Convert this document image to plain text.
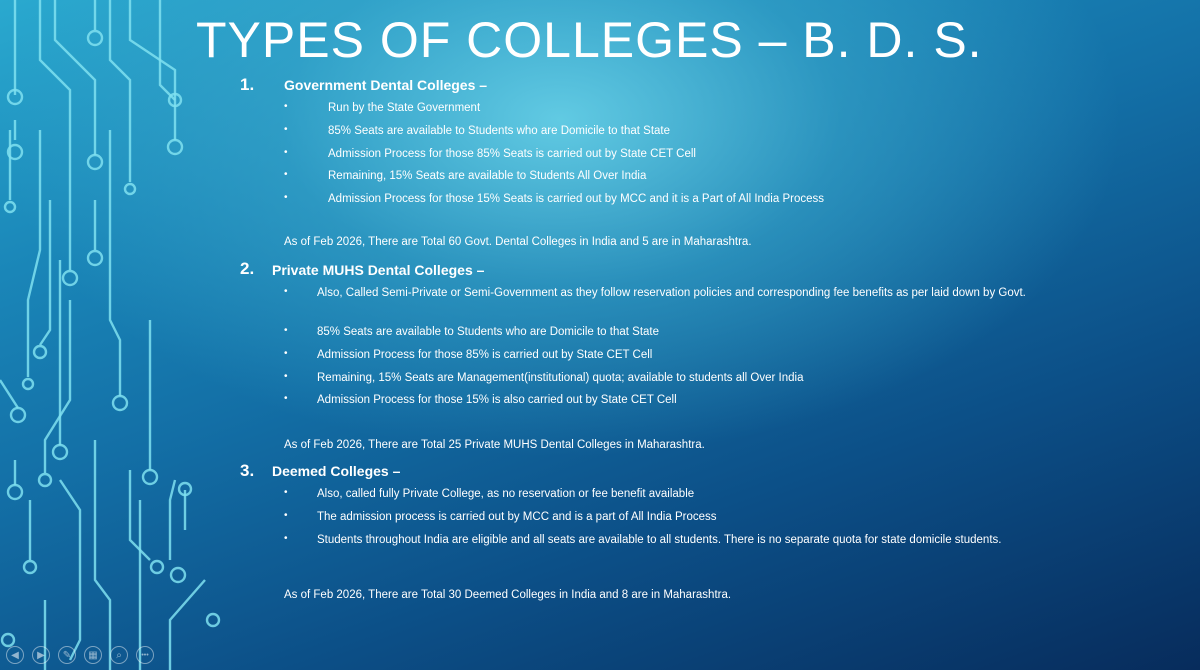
TYPES OF COLLEGES – B. D. S.
1. Government Dental Colleges –
•	Run by the State Government
•	85% Seats are available to Students who are Domicile to that State
•	Admission Process for those 85% Seats is carried out by State CET Cell
•	Remaining, 15% Seats are available to Students All Over India
•	Admission Process for those 15% Seats is carried out by MCC and it is a Part of All India Process
As of Feb 2026, There are Total 60 Govt. Dental Colleges in India and 5 are in Maharashtra.
2. Private MUHS Dental Colleges –
•	Also, Called Semi-Private or Semi-Government as they follow reservation policies and corresponding fee benefits as per laid down by Govt.
•	85% Seats are available to Students who are Domicile to that State
•	Admission Process for those 85% is carried out by State CET Cell
•	Remaining, 15% Seats are Management(institutional) quota; available to students all Over India
•	Admission Process for those 15% is also carried out by State CET Cell
As of Feb 2026, There are Total 25 Private MUHS Dental Colleges in Maharashtra.
3. Deemed Colleges –
•	Also, called fully Private College, as no reservation or fee benefit available
•	The admission process is carried out by MCC and is a part of All India Process
•	Students throughout India are eligible and all seats are available to all students. There is no separate quota for state domicile students.
As of Feb 2026, There are Total 30 Deemed Colleges in India and 8 are in Maharashtra.
◀	▶	✎	▦	⌕	•••
